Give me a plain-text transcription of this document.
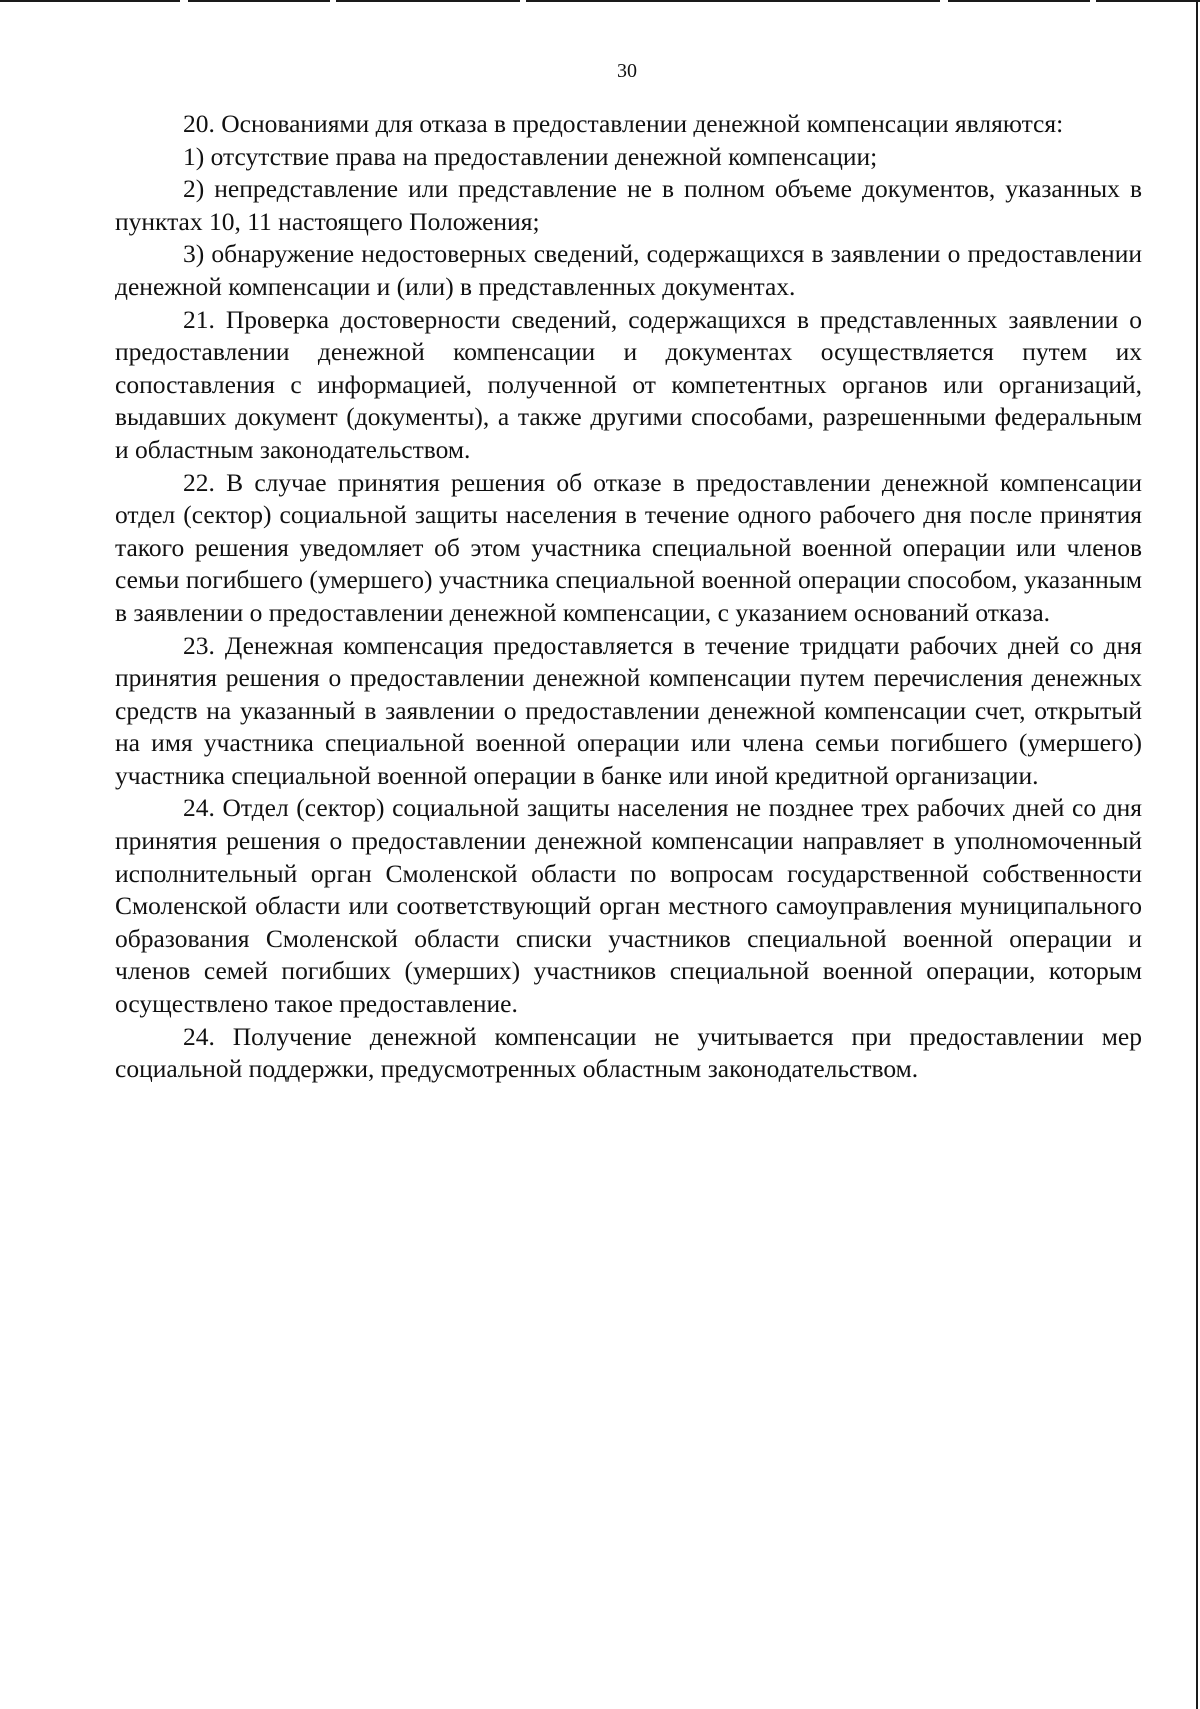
30

20. Основаниями для отказа в предоставлении денежной компенсации являются:

1) отсутствие права на предоставлении денежной компенсации;

2) непредставление или представление не в полном объеме документов, указанных в пунктах 10, 11 настоящего Положения;

3) обнаружение недостоверных сведений, содержащихся в заявлении о предоставлении денежной компенсации и (или) в представленных документах.

21. Проверка достоверности сведений, содержащихся в представленных заявлении о предоставлении денежной компенсации и документах осуществляется путем их сопоставления с информацией, полученной от компетентных органов или организаций, выдавших документ (документы), а также другими способами, разрешенными федеральным и областным законодательством.

22. В случае принятия решения об отказе в предоставлении денежной компенсации отдел (сектор) социальной защиты населения в течение одного рабочего дня после принятия такого решения уведомляет об этом участника специальной военной операции или членов семьи погибшего (умершего) участника специальной военной операции способом, указанным в заявлении о предоставлении денежной компенсации, с указанием оснований отказа.

23. Денежная компенсация предоставляется в течение тридцати рабочих дней со дня принятия решения о предоставлении денежной компенсации путем перечисления денежных средств на указанный в заявлении о предоставлении денежной компенсации счет, открытый на имя участника специальной военной операции или члена семьи погибшего (умершего) участника специальной военной операции в банке или иной кредитной организации.

24. Отдел (сектор) социальной защиты населения не позднее трех рабочих дней со дня принятия решения о предоставлении денежной компенсации направляет в уполномоченный исполнительный орган Смоленской области по вопросам государственной собственности Смоленской области или соответствующий орган местного самоуправления муниципального образования Смоленской области списки участников специальной военной операции и членов семей погибших (умерших) участников специальной военной операции, которым осуществлено такое предоставление.

24. Получение денежной компенсации не учитывается при предоставлении мер социальной поддержки, предусмотренных областным законодательством.
